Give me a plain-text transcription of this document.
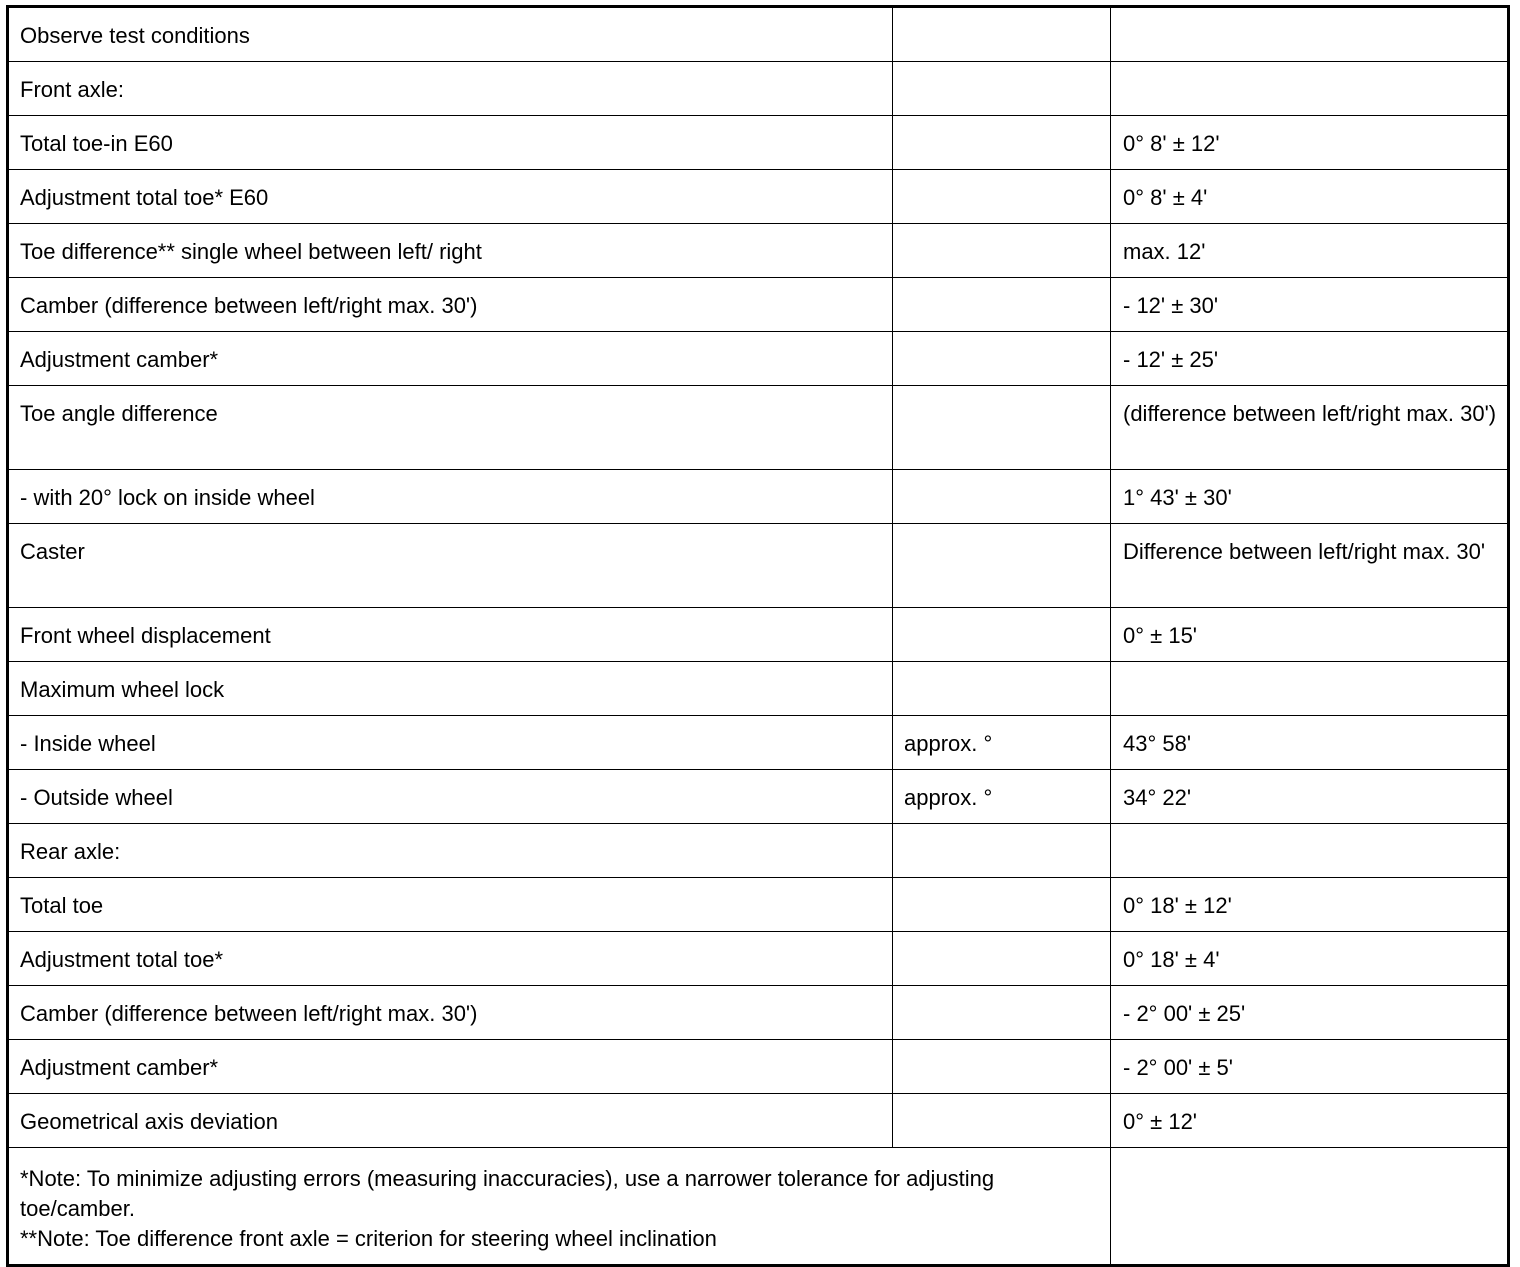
Observe test conditions		
Front axle:		
Total toe-in E60		0° 8' ± 12'
Adjustment total toe* E60		0° 8' ± 4'
Toe difference** single wheel between left/ right		max. 12'
Camber (difference between left/right max. 30')		- 12' ± 30'
Adjustment camber*		- 12' ± 25'
Toe angle difference		(difference between left/right max. 30')
- with 20° lock on inside wheel		1° 43' ± 30'
Caster		Difference between left/right max. 30'
Front wheel displacement		0° ± 15'
Maximum wheel lock		
- Inside wheel	approx. °	43° 58'
- Outside wheel	approx. °	34° 22'
Rear axle:		
Total toe		0° 18' ± 12'
Adjustment total toe*		0° 18' ± 4'
Camber (difference between left/right max. 30')		- 2° 00' ± 25'
Adjustment camber*		- 2° 00' ± 5'
Geometrical axis deviation		0° ± 12'

*Note: To minimize adjusting errors (measuring inaccuracies), use a narrower tolerance for adjusting toe/camber.
**Note: Toe difference front axle = criterion for steering wheel inclination		
